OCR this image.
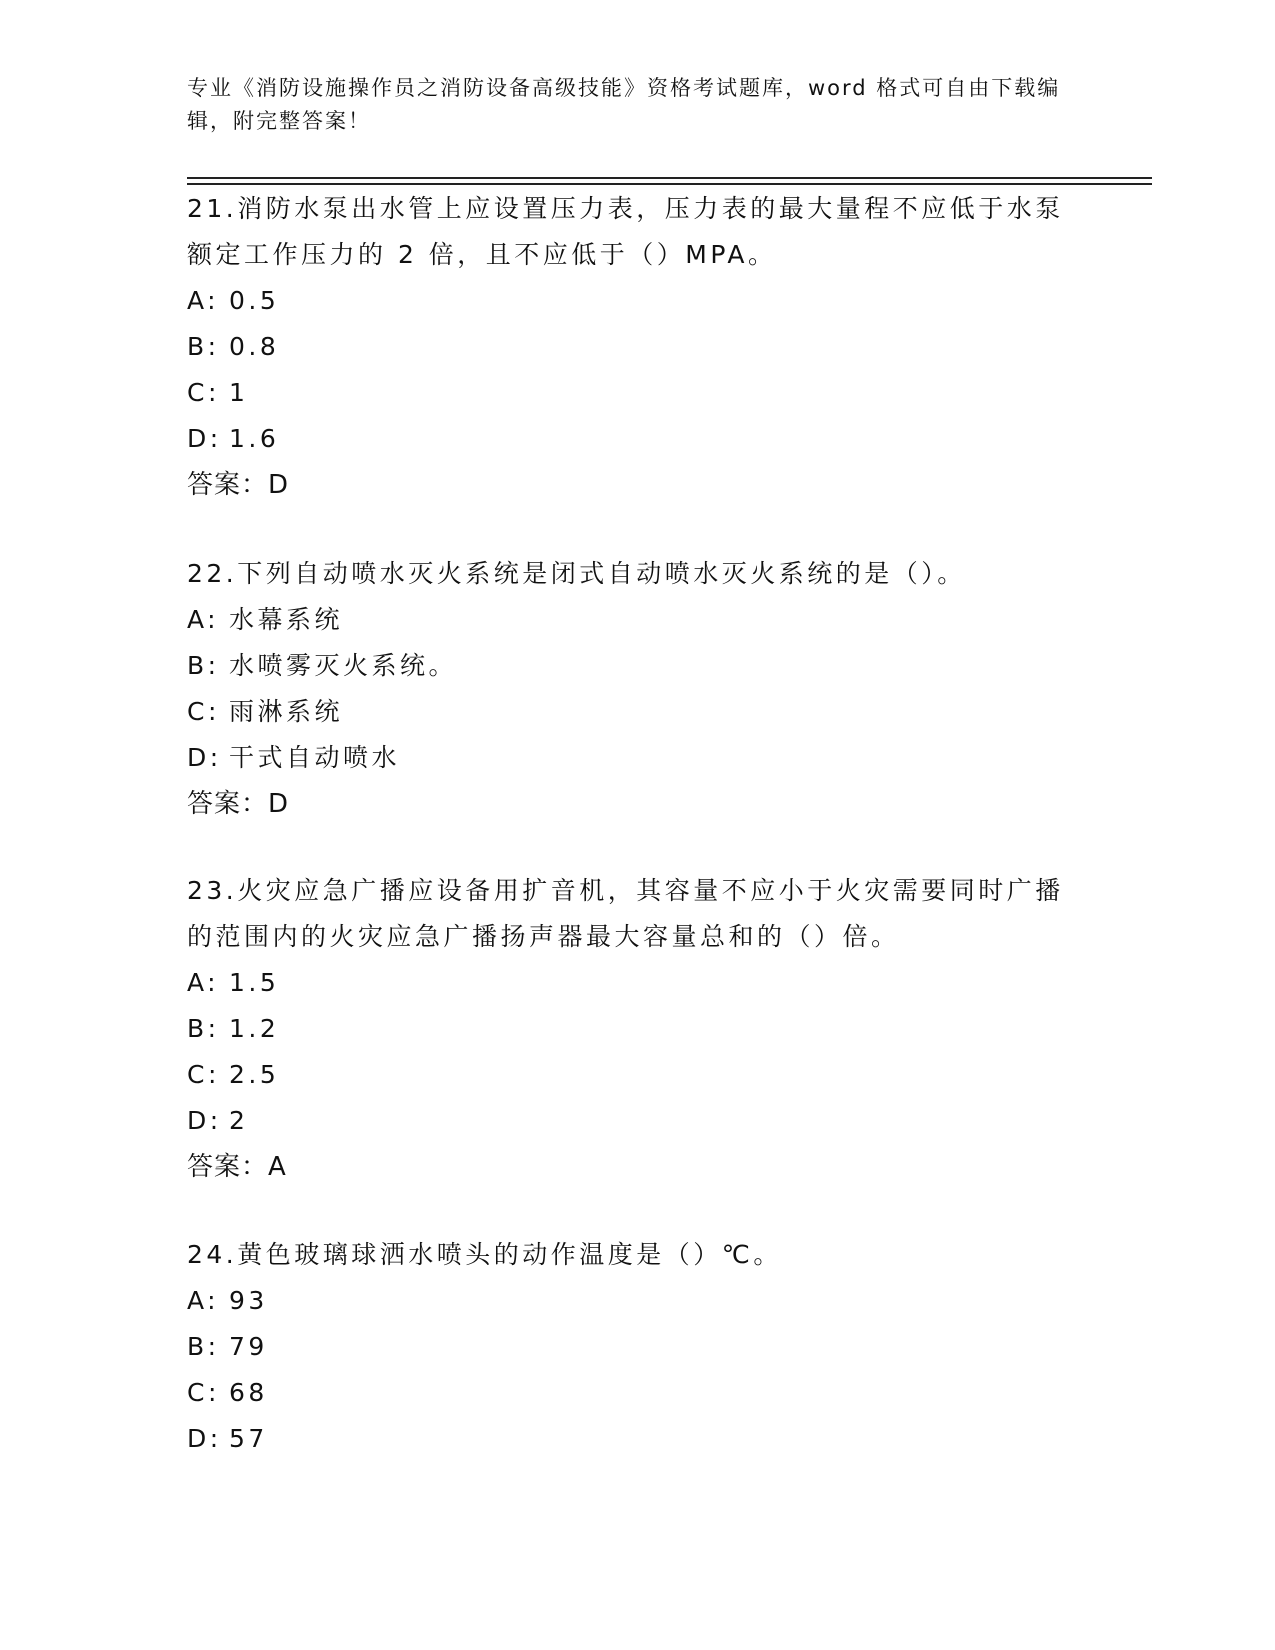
专业《消防设施操作员之消防设备高级技能》资格考试题库，word 格式可自由下载编辑，附完整答案！

21.消防水泵出水管上应设置压力表，压力表的最大量程不应低于水泵额定工作压力的 2 倍，且不应低于（）MPA。

A: 0.5
B: 0.8
C: 1
D: 1.6
答案：D

22.下列自动喷水灭火系统是闭式自动喷水灭火系统的是（）。

A: 水幕系统
B: 水喷雾灭火系统。
C: 雨淋系统
D: 干式自动喷水
答案：D

23.火灾应急广播应设备用扩音机，其容量不应小于火灾需要同时广播的范围内的火灾应急广播扬声器最大容量总和的（）倍。

A: 1.5
B: 1.2
C: 2.5
D: 2
答案：A

24.黄色玻璃球洒水喷头的动作温度是（）℃。

A: 93
B: 79
C: 68
D: 57
